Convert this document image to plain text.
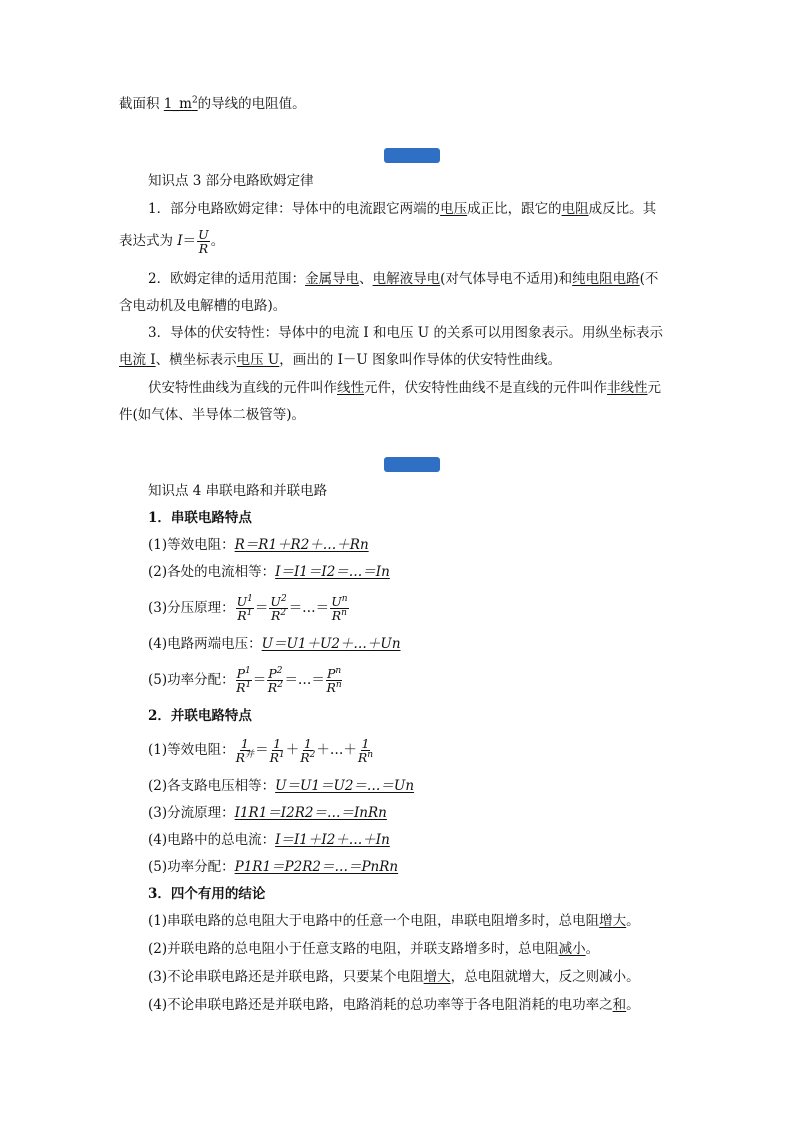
截面积 $1\_m^2$的导线的电阻值。
知识点 3 部分电路欧姆定律
1．部分电路欧姆定律：导体中的电流跟它两端的电压成正比，跟它的电阻成反比。其
表达式为 $I= \frac{U}{R}$ 。
2．欧姆定律的适用范围：金属导电、电解液导电(对气体导电不适用)和纯电阻电路(不
含电动机及电解槽的电路)。
3．导体的伏安特性：导体中的电流 I 和电压 U 的关系可以用图象表示。用纵坐标表示
电流 I、横坐标表示电压 U，画出的 I－U 图象叫作导体的伏安特性曲线。
伏安特性曲线为直线的元件叫作线性元件，伏安特性曲线不是直线的元件叫作非线性元
件(如气体、半导体二极管等)。
知识点 4 串联电路和并联电路
1．串联电路特点
(1)等效电阻：R＝R1＋R2＋…＋Rn
(2)各处的电流相等：I＝I1＝I2＝…＝In
(3)分压原理： $\frac{U^1}{R^1} = \frac{U^2}{R^2}$ ＝…＝ $\frac{U^n}{R^n}$
(4)电路两端电压：U＝U1＋U2＋…＋Un
(5)功率分配： $\frac{P^1}{R^1} = \frac{P^2}{R^2}$ ＝…＝ $\frac{P^n}{R^n}$
2．并联电路特点
(1)等效电阻： $\frac{1}{R^并} = \frac{1}{R^1} + \frac{1}{R^2}$ ＋…＋ $\frac{1}{R^n}$
(2)各支路电压相等：U＝U1＝U2＝…＝Un
(3)分流原理：I1R1＝I2R2＝…＝InRn
(4)电路中的总电流：I＝I1＋I2＋…＋In
(5)功率分配：P1R1＝P2R2＝…＝PnRn
3．四个有用的结论
(1)串联电路的总电阻大于电路中的任意一个电阻，串联电阻增多时，总电阻增大。
(2)并联电路的总电阻小于任意支路的电阻，并联支路增多时，总电阻减小。
(3)不论串联电路还是并联电路，只要某个电阻增大，总电阻就增大，反之则减小。
(4)不论串联电路还是并联电路，电路消耗的总功率等于各电阻消耗的电功率之和。
